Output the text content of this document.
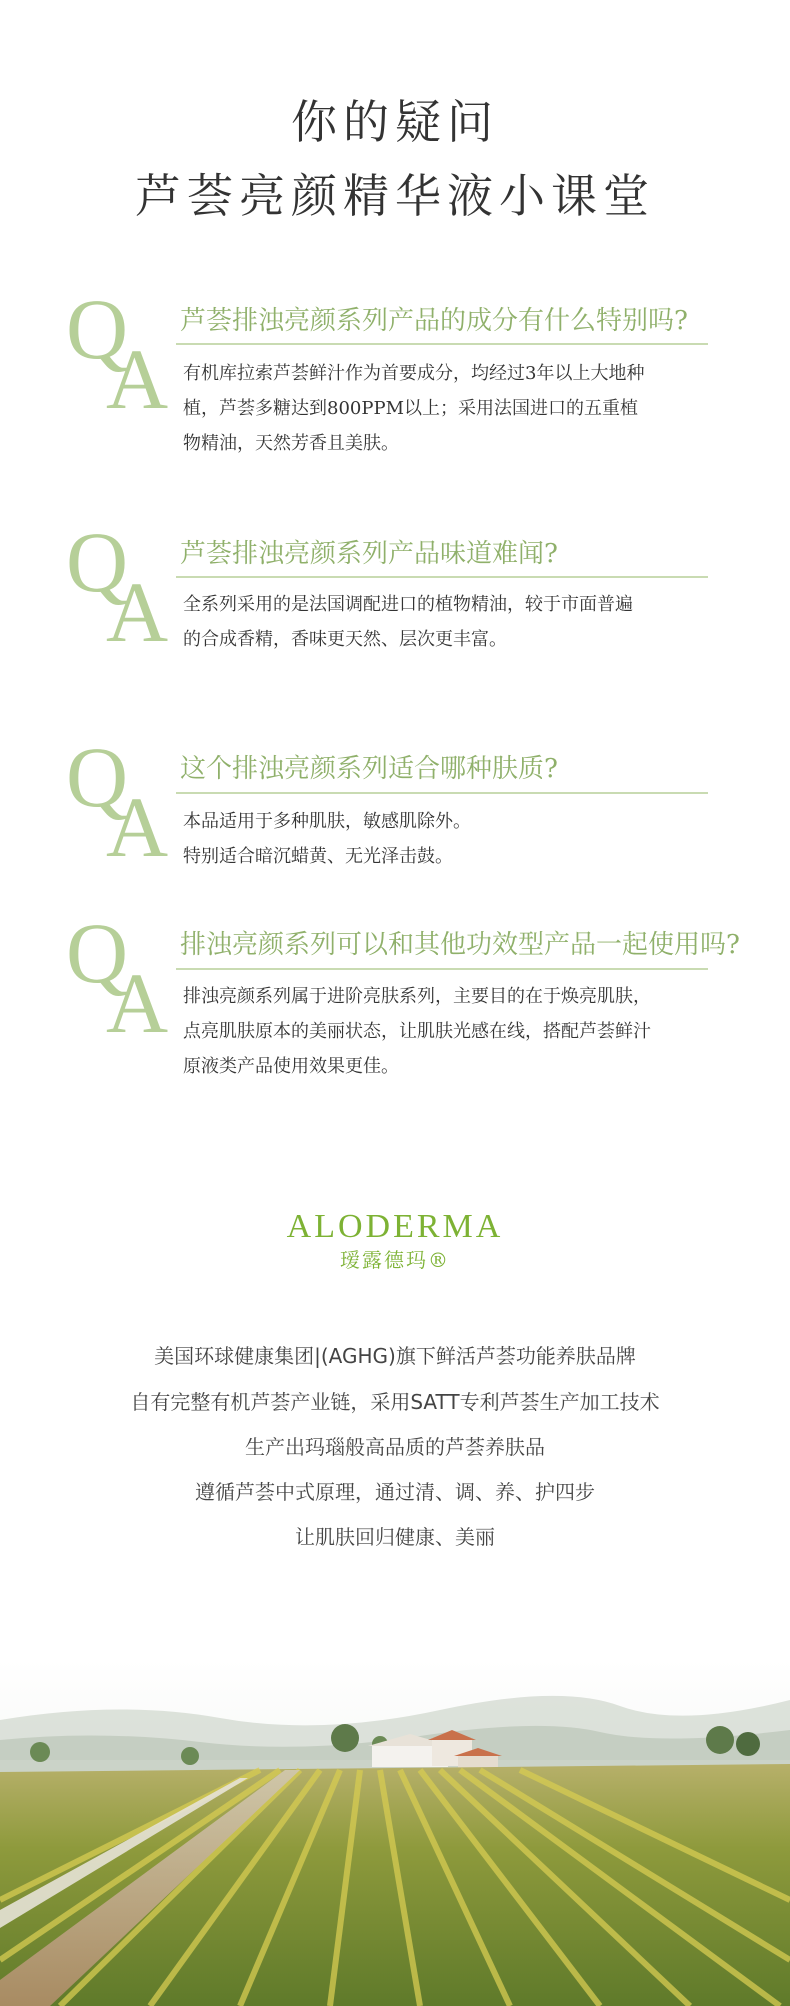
你的疑问
芦荟亮颜精华液小课堂
Q
A
芦荟排浊亮颜系列产品的成分有什么特别吗?
有机库拉索芦荟鲜汁作为首要成分，均经过3年以上大地种
植，芦荟多糖达到800PPM以上；采用法国进口的五重植
物精油，天然芳香且美肤。
Q
A
芦荟排浊亮颜系列产品味道难闻?
全系列采用的是法国调配进口的植物精油，较于市面普遍
的合成香精，香味更天然、层次更丰富。
Q
A
这个排浊亮颜系列适合哪种肤质?
本品适用于多种肌肤，敏感肌除外。
特别适合暗沉蜡黄、无光泽击鼓。
Q
A
排浊亮颜系列可以和其他功效型产品一起使用吗?
排浊亮颜系列属于进阶亮肤系列，主要目的在于焕亮肌肤，
点亮肌肤原本的美丽状态，让肌肤光感在线，搭配芦荟鲜汁
原液类产品使用效果更佳。
ALODERMA
瑷露德玛®
美国环球健康集团|(AGHG)旗下鲜活芦荟功能养肤品牌
自有完整有机芦荟产业链，采用SATT专利芦荟生产加工技术
生产出玛瑙般高品质的芦荟养肤品
遵循芦荟中式原理，通过清、调、养、护四步
让肌肤回归健康、美丽
